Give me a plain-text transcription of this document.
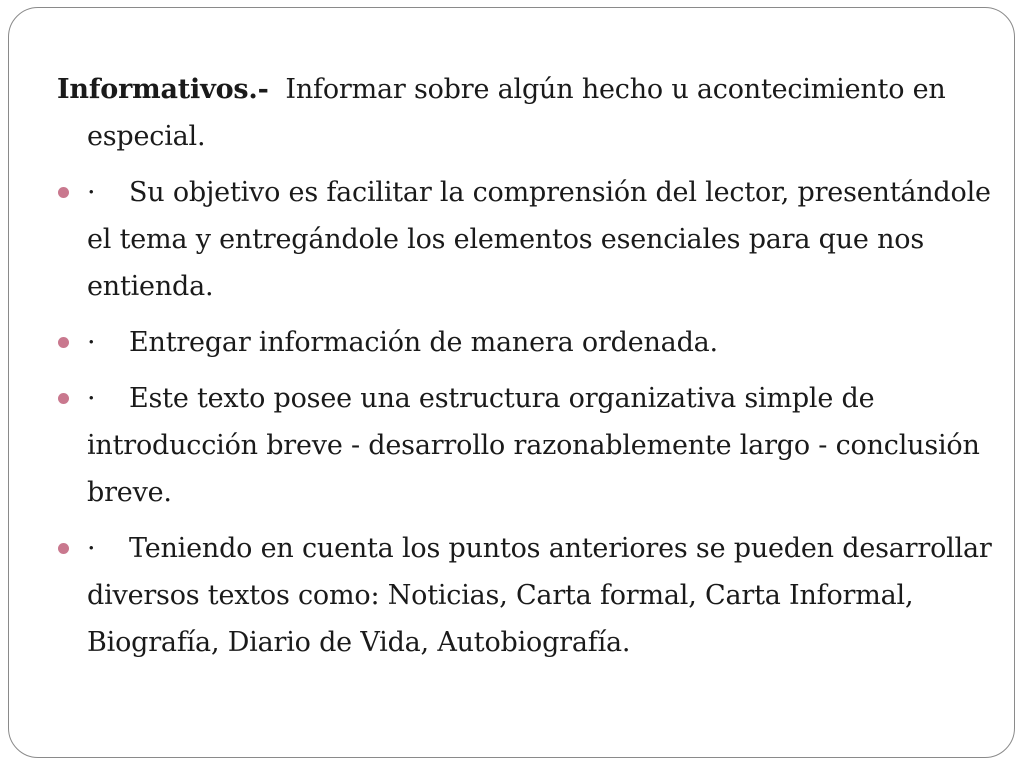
Informativos.- Informar sobre algún hecho u acontecimiento en especial.

· Su objetivo es facilitar la comprensión del lector, presentándole el tema y entregándole los elementos esenciales para que nos entienda.
· Entregar información de manera ordenada.
· Este texto posee una estructura organizativa simple de introducción breve - desarrollo razonablemente largo - conclusión breve.
· Teniendo en cuenta los puntos anteriores se pueden desarrollar diversos textos como: Noticias, Carta formal, Carta Informal, Biografía, Diario de Vida, Autobiografía.
